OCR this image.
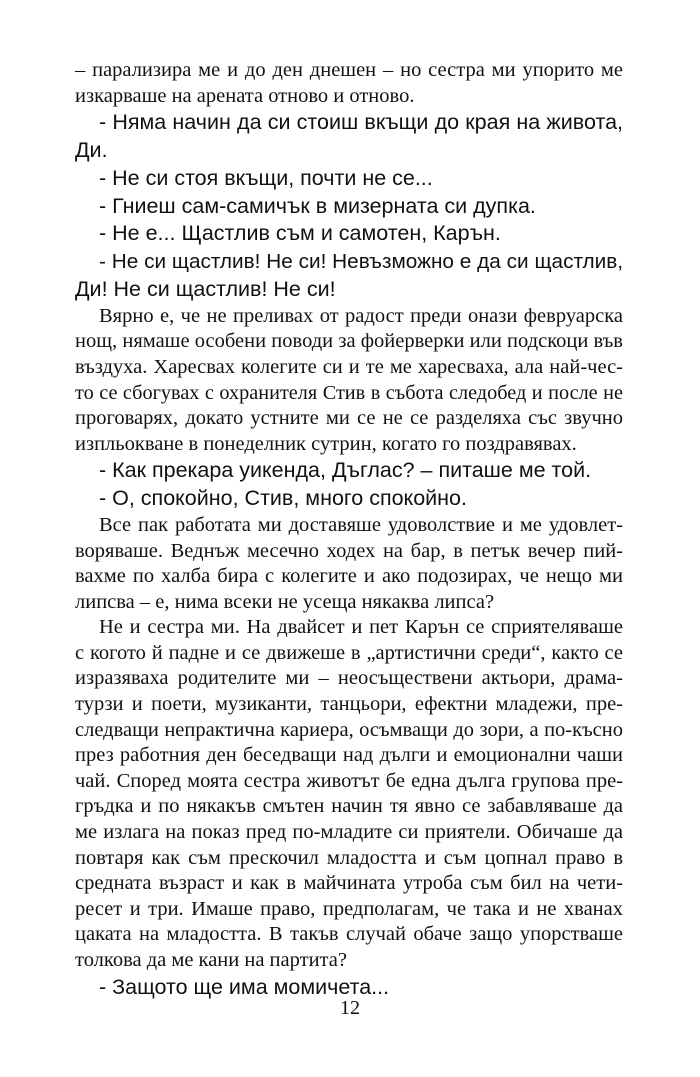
– парализира ме и до ден днешен – но сестра ми упорито ме
изкарваше на арената отново и отново.
- Няма начин да си стоиш вкъщи до края на живота,
Ди.
- Не си стоя вкъщи, почти не се...
- Гниеш сам-самичък в мизерната си дупка.
- Не е... Щастлив съм и самотен, Карън.
- Не си щастлив! Не си! Невъзможно е да си щастлив,
Ди! Не си щастлив! Не си!
Вярно е, че не преливах от радост преди онази февруарска
нощ, нямаше особени поводи за фойерверки или подскоци във
въздуха. Харесвах колегите си и те ме харесваха, ала най-чес-
то се сбогувах с охранителя Стив в събота следобед и после не
проговарях, докато устните ми се не се разделяха със звучно
изпльокване в понеделник сутрин, когато го поздравявах.
- Как прекара уикенда, Дъглас? – питаше ме той.
- О, спокойно, Стив, много спокойно.
Все пак работата ми доставяше удоволствие и ме удовлет-
воряваше. Веднъж месечно ходех на бар, в петък вечер пий-
вахме по халба бира с колегите и ако подозирах, че нещо ми
липсва – е, нима всеки не усеща някаква липса?
Не и сестра ми. На двайсет и пет Карън се сприятеляваше
с когото й падне и се движеше в „артистични среди“, както се
изразяваха родителите ми – неосъществени актьори, драма-
турзи и поети, музиканти, танцьори, ефектни младежи, пре-
следващи непрактична кариера, осъмващи до зори, а по-късно
през работния ден беседващи над дълги и емоционални чаши
чай. Според моята сестра животът бе една дълга групова пре-
гръдка и по някакъв смътен начин тя явно се забавляваше да
ме излага на показ пред по-младите си приятели. Обичаше да
повтаря как съм прескочил младостта и съм цопнал право в
средната възраст и как в майчината утроба съм бил на чети-
ресет и три. Имаше право, предполагам, че така и не хванах
цаката на младостта. В такъв случай обаче защо упорстваше
толкова да ме кани на партита?
- Защото ще има момичета...
12
